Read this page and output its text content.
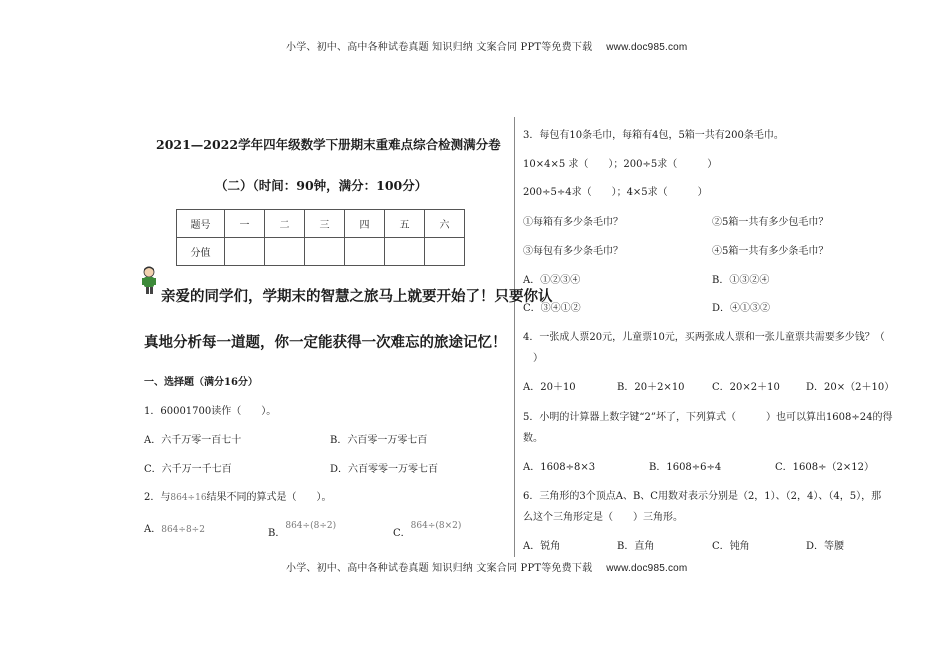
小学、初中、高中各种试卷真题 知识归纳 文案合同 PPT等免费下载 www.doc985.com
2021—2022学年四年级数学下册期末重难点综合检测满分卷
（二）（时间：90钟，满分：100分）
题号	一	二	三	四	五	六
分值						
亲爱的同学们，学期末的智慧之旅马上就要开始了！只要你认
真地分析每一道题，你一定能获得一次难忘的旅途记忆！
一、选择题（满分16分）
1．60001700读作（　　）。
A．六千万零一百七十	B．六百零一万零七百
C．六千万一千七百	D．六百零零一万零七百
2．与864÷16结果不同的算式是（　　）。
A．864÷8÷2	B．864÷(8÷2)
C．864÷(8×2)
3．每包有10条毛巾，每箱有4包，5箱一共有200条毛巾。
10×4×5 求（　　）；200÷5求（　　　）
200÷5÷4求（　　）；4×5求（　　　）
①每箱有多少条毛巾？	②5箱一共有多少包毛巾？
③每包有多少条毛巾？	④5箱一共有多少条毛巾？
A．①②③④	B．①③②④
C．③④①②	D．④①③②
4．一张成人票20元，儿童票10元，买两张成人票和一张儿童票共需要多少钱？（
）
A．20＋10	B．20＋2×10	C．20×2＋10	D．20×（2＋10）
5．小明的计算器上数字键“2”坏了，下列算式（　　　）也可以算出1608÷24的得
数。
A．1608÷8×3	B．1608÷6÷4	C．1608÷（2×12）
6．三角形的3个顶点A、B、C用数对表示分别是（2，1）、（2，4）、（4，5），那
么这个三角形定是（　　）三角形。
A．锐角	B．直角	C．钝角	D．等腰
小学、初中、高中各种试卷真题 知识归纳 文案合同 PPT等免费下载 www.doc985.com
